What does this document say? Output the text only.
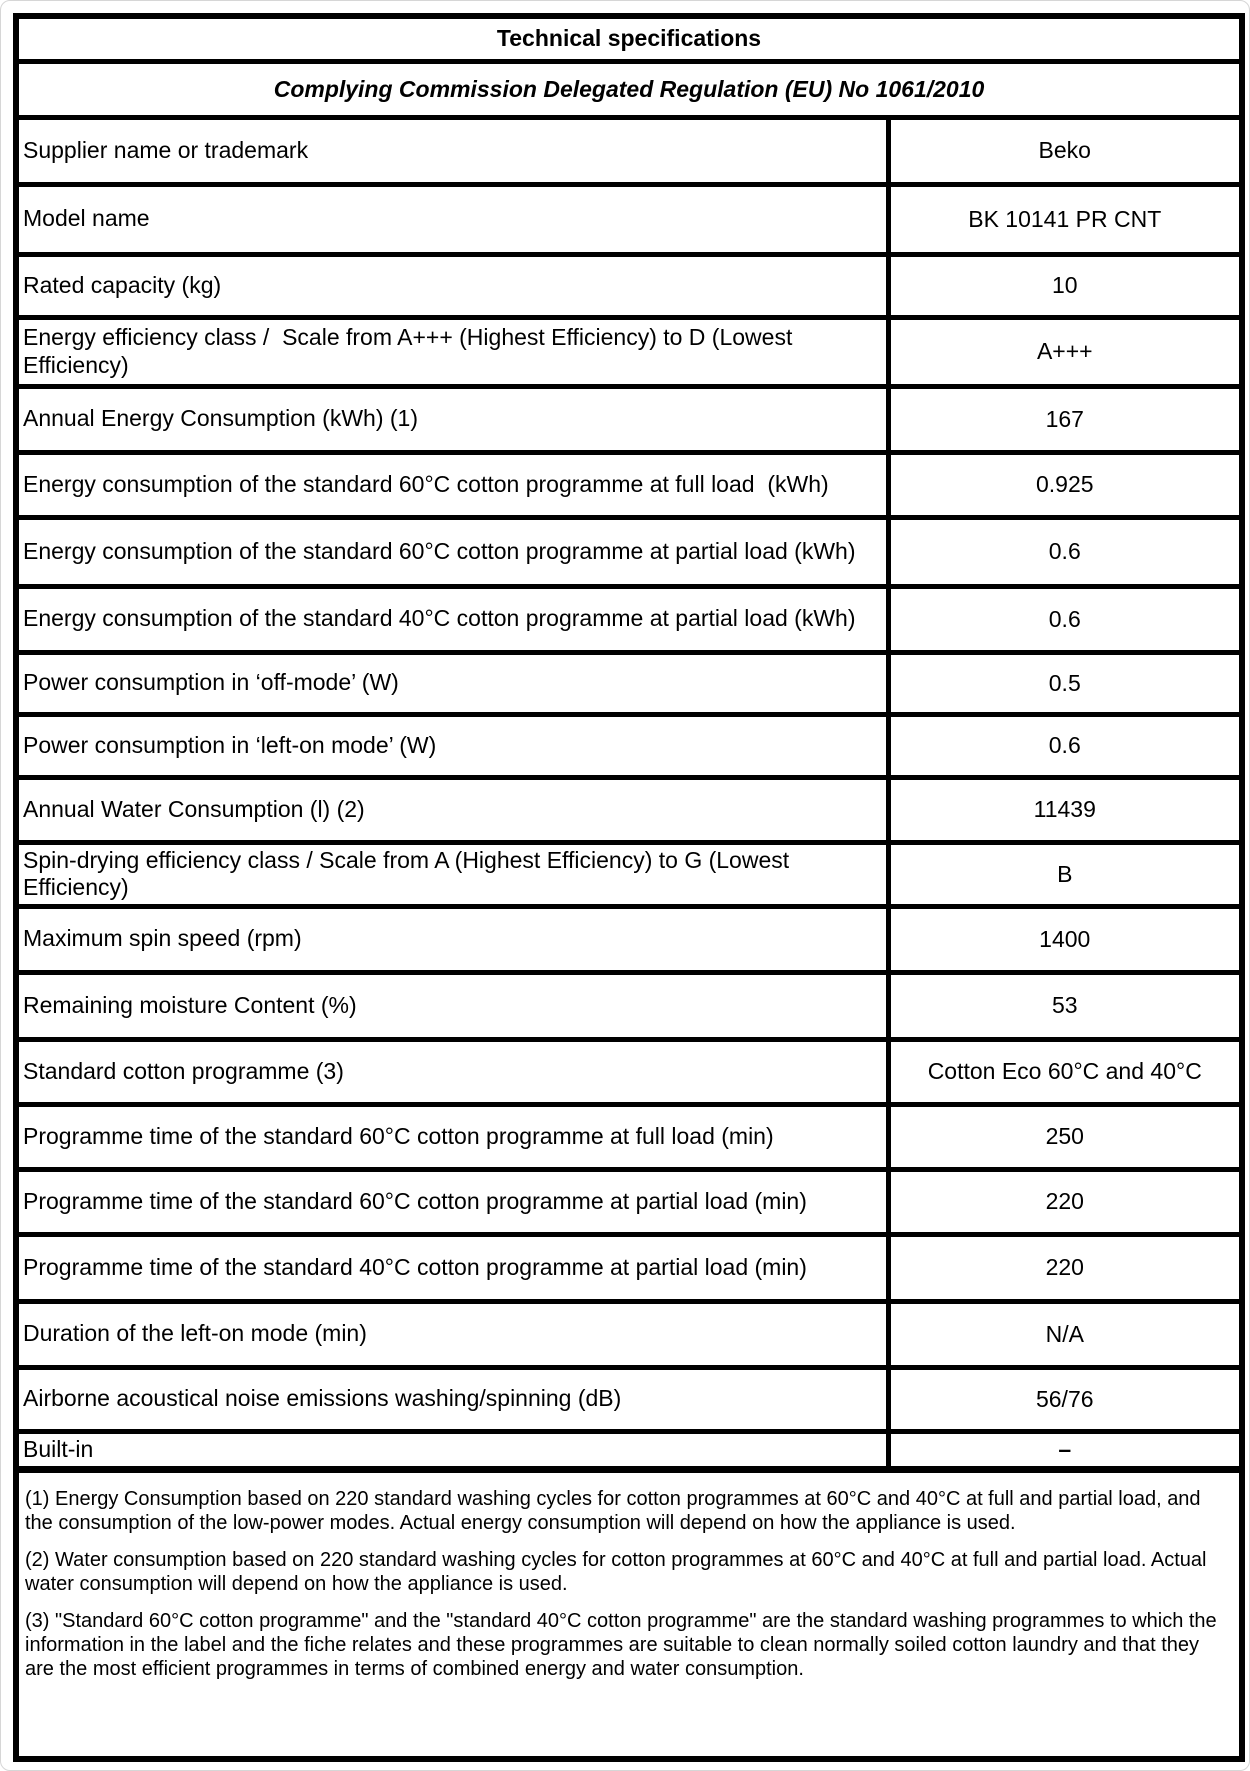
Technical specifications	
Complying Commission Delegated Regulation (EU) No 1061/2010	
Supplier name or trademark	Beko
Model name	BK 10141 PR CNT
Rated capacity (kg)	10
Energy efficiency class /  Scale from A+++ (Highest Efficiency) to D (Lowest Efficiency)	A+++
Annual Energy Consumption (kWh) (1)	167
Energy consumption of the standard 60°C cotton programme at full load  (kWh)	0.925
Energy consumption of the standard 60°C cotton programme at partial load (kWh)	0.6
Energy consumption of the standard 40°C cotton programme at partial load (kWh)	0.6
Power consumption in ‘off-mode’ (W)	0.5
Power consumption in ‘left-on mode’ (W)	0.6
Annual Water Consumption (l) (2)	11439
Spin-drying efficiency class / Scale from A (Highest Efficiency) to G (Lowest Efficiency)	B
Maximum spin speed (rpm)	1400
Remaining moisture Content (%)	53
Standard cotton programme (3)	Cotton Eco 60°C and 40°C
Programme time of the standard 60°C cotton programme at full load (min)	250
Programme time of the standard 60°C cotton programme at partial load (min)	220
Programme time of the standard 40°C cotton programme at partial load (min)	220
Duration of the left-on mode (min)	N/A
Airborne acoustical noise emissions washing/spinning (dB)	56/76
Built-in	–

(1) Energy Consumption based on 220 standard washing cycles for cotton programmes at 60°C and 40°C at full and partial load, and the consumption of the low-power modes. Actual energy consumption will depend on how the appliance is used.

(2) Water consumption based on 220 standard washing cycles for cotton programmes at 60°C and 40°C at full and partial load. Actual water consumption will depend on how the appliance is used.

(3) "Standard 60°C cotton programme" and the "standard 40°C cotton programme" are the standard washing programmes to which the information in the label and the fiche relates and these programmes are suitable to clean normally soiled cotton laundry and that they are the most efficient programmes in terms of combined energy and water consumption.	
